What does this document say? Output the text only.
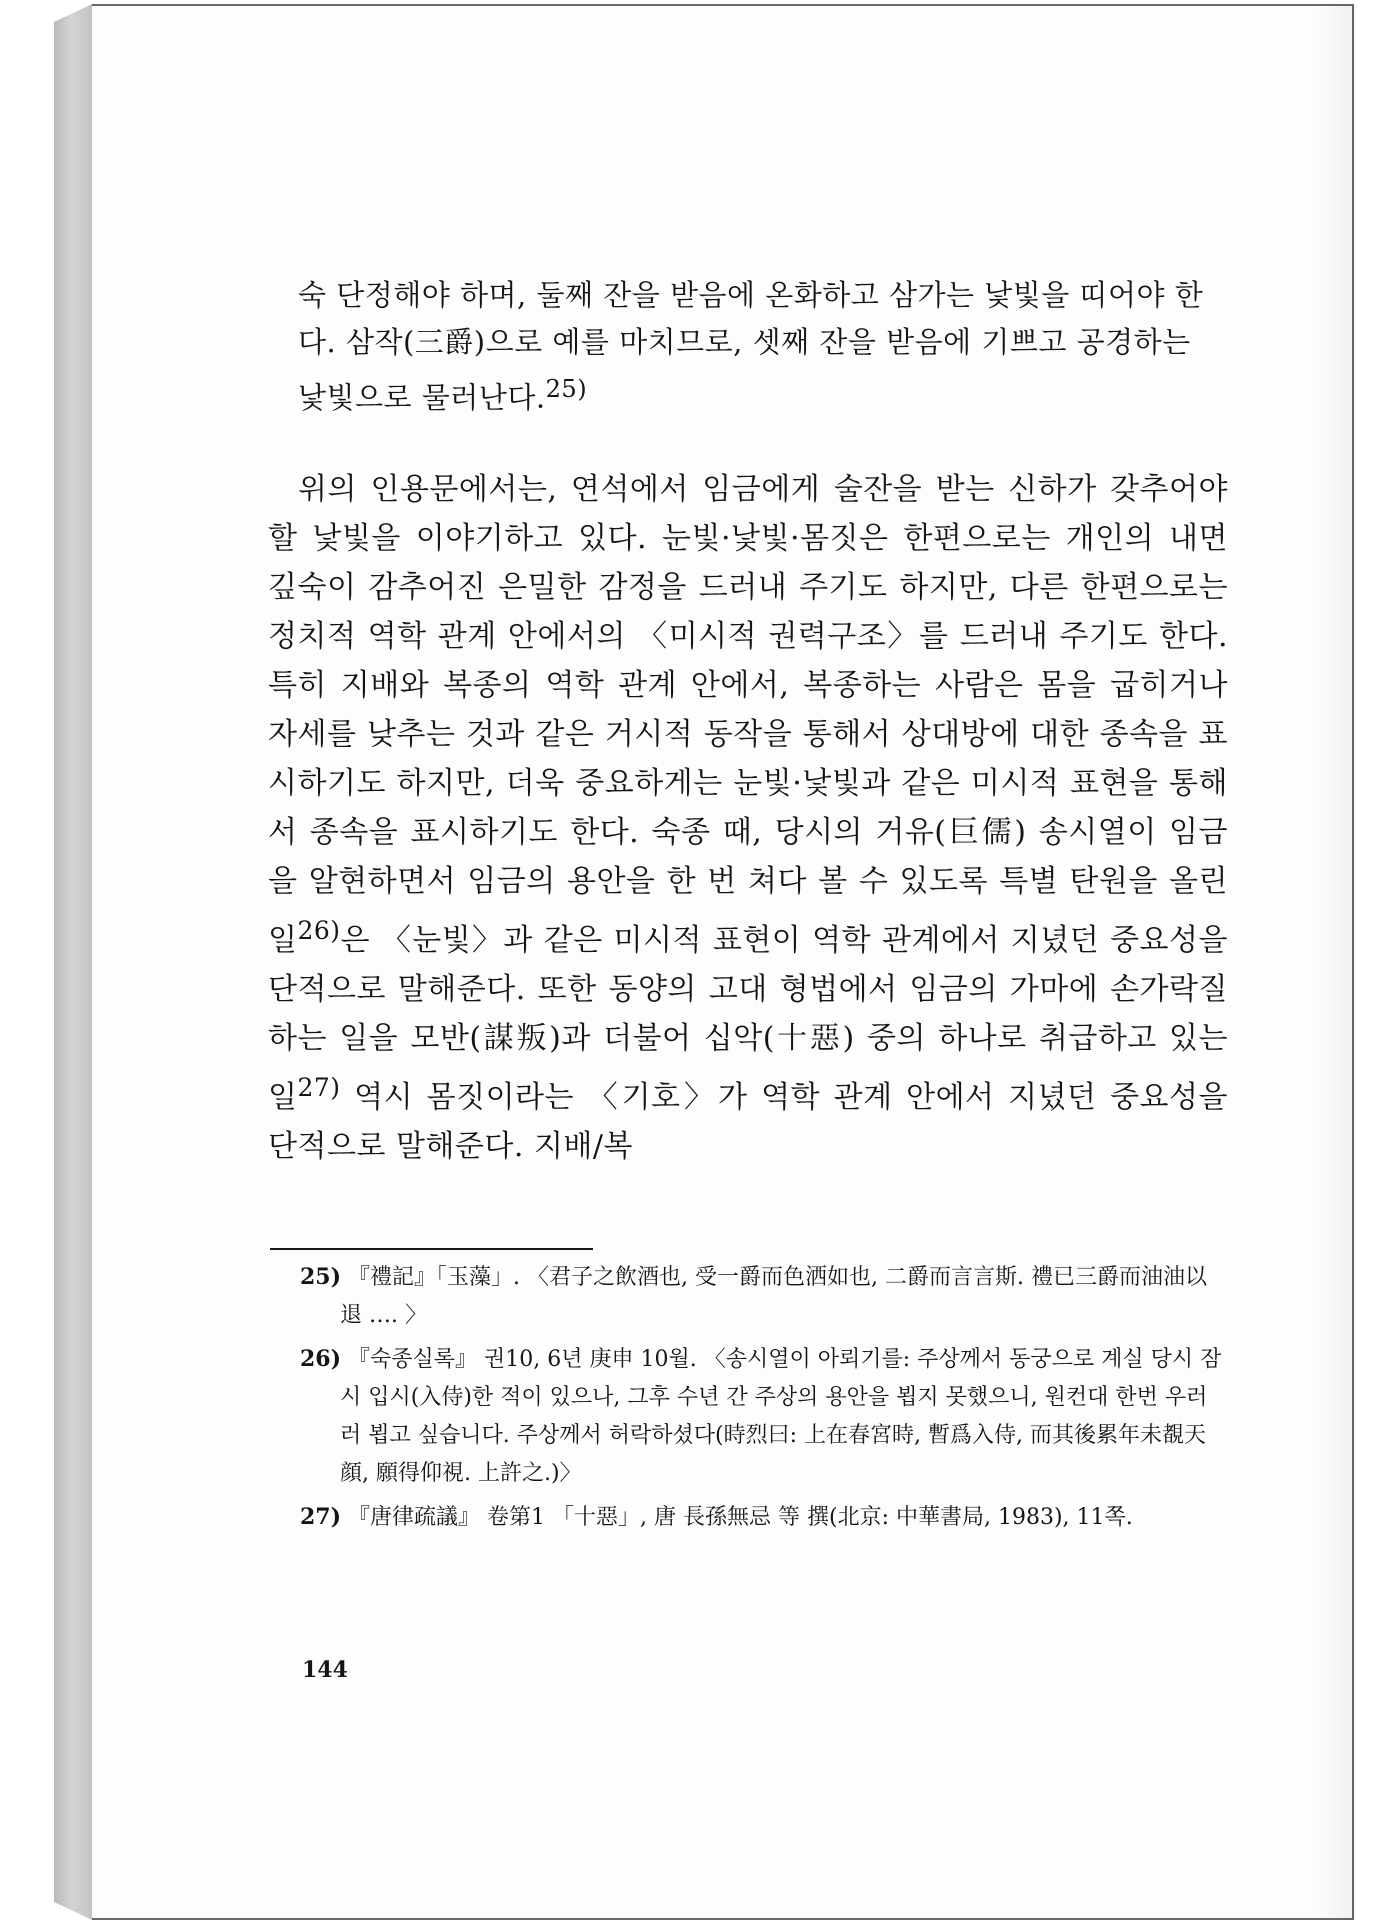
숙 단정해야 하며, 둘째 잔을 받음에 온화하고 삼가는 낯빛을 띠어야 한다. 삼작(三爵)으로 예를 마치므로, 셋째 잔을 받음에 기쁘고 공경하는 낯빛으로 물러난다.$^{25)}$

위의 인용문에서는, 연석에서 임금에게 술잔을 받는 신하가 갖추어야 할 낯빛을 이야기하고 있다. 눈빛·낯빛·몸짓은 한편으로는 개인의 내면 깊숙이 감추어진 은밀한 감정을 드러내 주기도 하지만, 다른 한편으로는 정치적 역학 관계 안에서의 〈미시적 권력구조〉를 드러내 주기도 한다. 특히 지배와 복종의 역학 관계 안에서, 복종하는 사람은 몸을 굽히거나 자세를 낮추는 것과 같은 거시적 동작을 통해서 상대방에 대한 종속을 표시하기도 하지만, 더욱 중요하게는 눈빛·낯빛과 같은 미시적 표현을 통해서 종속을 표시하기도 한다. 숙종 때, 당시의 거유(巨儒) 송시열이 임금을 알현하면서 임금의 용안을 한 번 쳐다 볼 수 있도록 특별 탄원을 올린 일$^{26)}$은 〈눈빛〉과 같은 미시적 표현이 역학 관계에서 지녔던 중요성을 단적으로 말해준다. 또한 동양의 고대 형법에서 임금의 가마에 손가락질하는 일을 모반(謀叛)과 더불어 십악(十惡) 중의 하나로 취급하고 있는 일$^{27)}$ 역시 몸짓이라는 〈기호〉가 역학 관계 안에서 지녔던 중요성을 단적으로 말해준다. 지배/복

25) 『禮記』「玉藻」. 〈君子之飲酒也, 受一爵而色洒如也, 二爵而言言斯. 禮已三爵而油油以退 …. 〉

26) 『숙종실록』 권10, 6년 庚申 10월. 〈송시열이 아뢰기를: 주상께서 동궁으로 계실 당시 잠시 입시(入侍)한 적이 있으나, 그후 수년 간 주상의 용안을 뵙지 못했으니, 원컨대 한번 우러러 뵙고 싶습니다. 주상께서 허락하셨다(時烈曰: 上在春宮時, 暫爲入侍, 而其後累年未覩天顔, 願得仰視. 上許之.)〉

27) 『唐律疏議』 卷第1 「十惡」, 唐 長孫無忌 等 撰(北京: 中華書局, 1983), 11쪽.

144
